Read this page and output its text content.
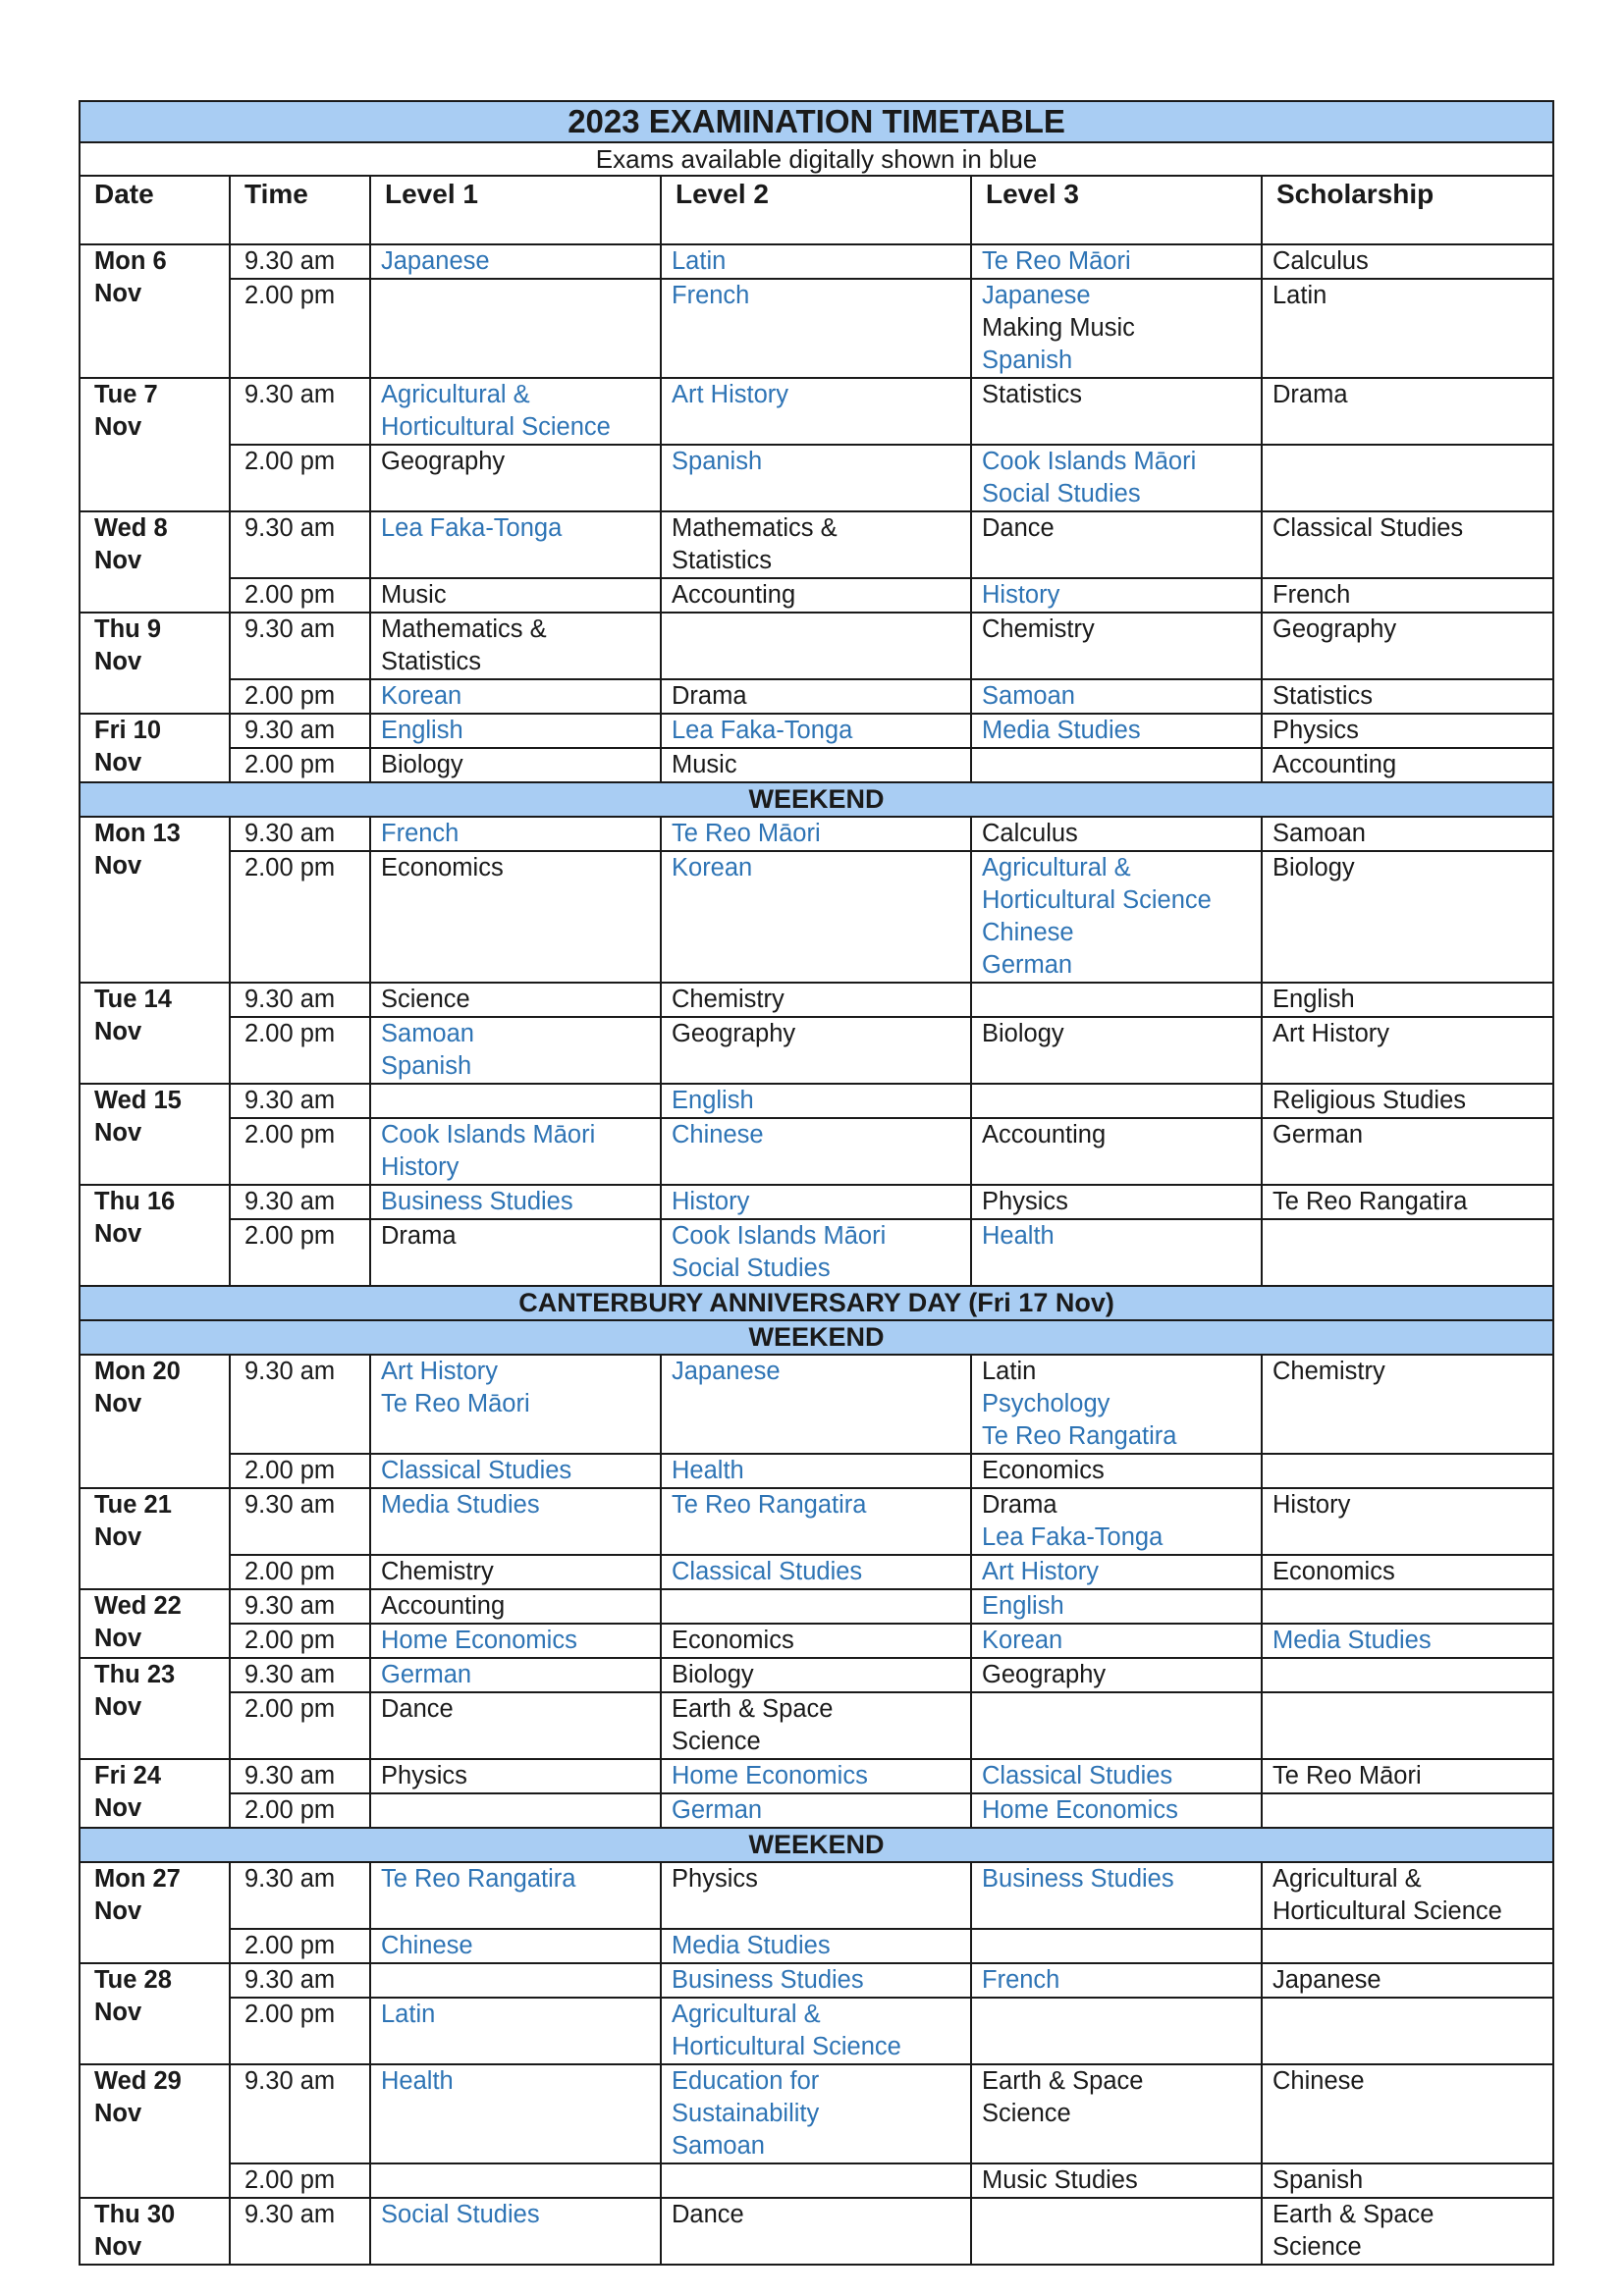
2023 EXAMINATION TIMETABLE					
Exams available digitally shown in blue					
Date	Time	Level 1	Level 2	Level 3	Scholarship

Mon 6
Nov	9.30 am	Japanese	Latin	Te Reo Māori	Calculus

	2.00 pm		French	Japanese
Making Music
Spanish	Latin

Tue 7
Nov	9.30 am	Agricultural &
Horticultural Science	Art History	Statistics	Drama

	2.00 pm	Geography	Spanish	Cook Islands Māori
Social Studies	

Wed 8
Nov	9.30 am	Lea Faka-Tonga	Mathematics &
Statistics	Dance	Classical Studies

	2.00 pm	Music	Accounting	History	French

Thu 9
Nov	9.30 am	Mathematics &
Statistics		Chemistry	Geography

	2.00 pm	Korean	Drama	Samoan	Statistics

Fri 10
Nov	9.30 am	English	Lea Faka-Tonga	Media Studies	Physics

	2.00 pm	Biology	Music		Accounting

WEEKEND					

Mon 13
Nov	9.30 am	French	Te Reo Māori	Calculus	Samoan

	2.00 pm	Economics	Korean	Agricultural &
Horticultural Science
Chinese
German	Biology

Tue 14
Nov	9.30 am	Science	Chemistry		English

	2.00 pm	Samoan
Spanish	Geography	Biology	Art History

Wed 15
Nov	9.30 am		English		Religious Studies

	2.00 pm	Cook Islands Māori
History	Chinese	Accounting	German

Thu 16
Nov	9.30 am	Business Studies	History	Physics	Te Reo Rangatira

	2.00 pm	Drama	Cook Islands Māori
Social Studies	Health	

CANTERBURY ANNIVERSARY DAY (Fri 17 Nov)					
WEEKEND					

Mon 20
Nov	9.30 am	Art History
Te Reo Māori	Japanese	Latin
Psychology
Te Reo Rangatira	Chemistry

	2.00 pm	Classical Studies	Health	Economics	

Tue 21
Nov	9.30 am	Media Studies	Te Reo Rangatira	Drama
Lea Faka-Tonga	History

	2.00 pm	Chemistry	Classical Studies	Art History	Economics

Wed 22
Nov	9.30 am	Accounting		English	

	2.00 pm	Home Economics	Economics	Korean	Media Studies

Thu 23
Nov	9.30 am	German	Biology	Geography	

	2.00 pm	Dance	Earth & Space
Science		

Fri 24
Nov	9.30 am	Physics	Home Economics	Classical Studies	Te Reo Māori

	2.00 pm		German	Home Economics	

WEEKEND					

Mon 27
Nov	9.30 am	Te Reo Rangatira	Physics	Business Studies	Agricultural &
Horticultural Science

	2.00 pm	Chinese	Media Studies		

Tue 28
Nov	9.30 am		Business Studies	French	Japanese

	2.00 pm	Latin	Agricultural &
Horticultural Science		

Wed 29
Nov	9.30 am	Health	Education for
Sustainability
Samoan	Earth & Space
Science	Chinese

	2.00 pm			Music Studies	Spanish

Thu 30
Nov	9.30 am	Social Studies	Dance		Earth & Space
Science
